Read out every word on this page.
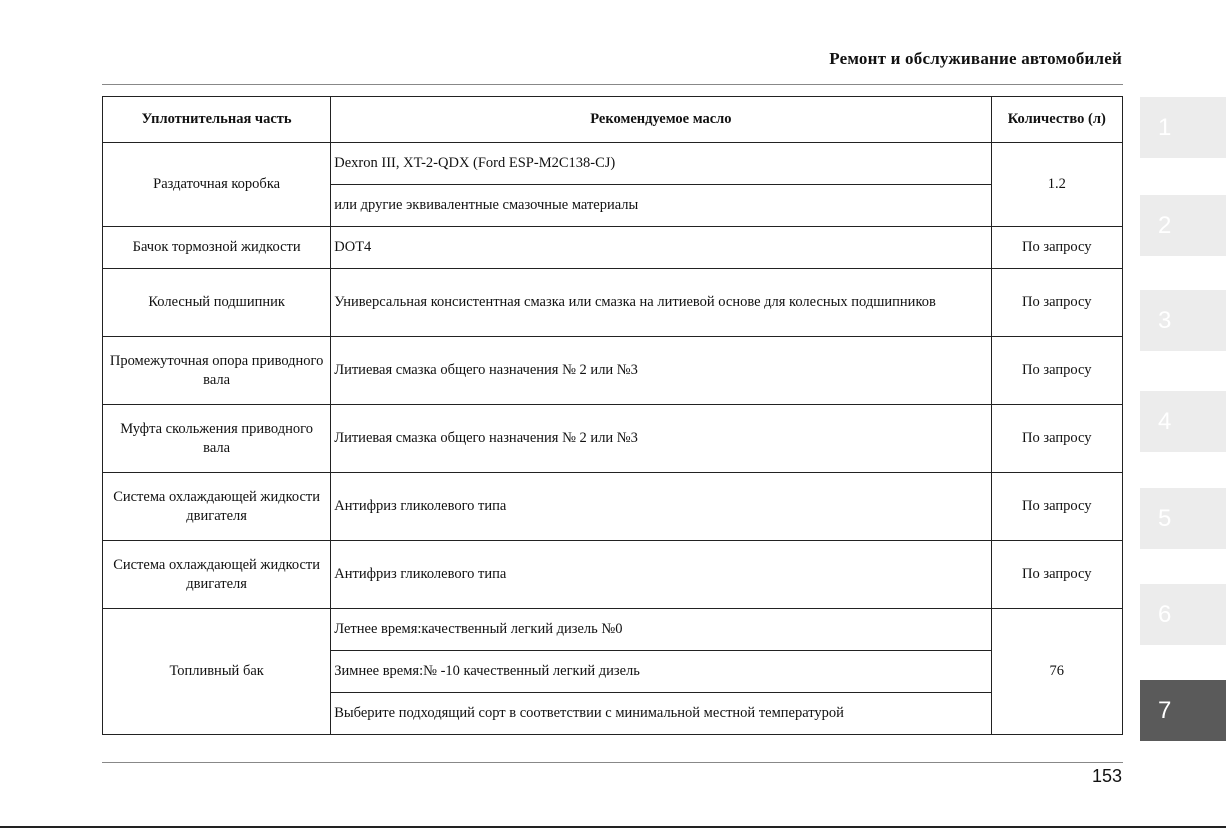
Ремонт и обслуживание автомобилей
Уплотнительная часть	Рекомендуемое масло	Количество (л)
Раздаточная коробка	Dexron III, XT-2-QDX (Ford ESP-M2C138-CJ)	1.2
	или другие эквивалентные смазочные материалы	
Бачок тормозной жидкости	DOT4	По запросу
Колесный подшипник	Универсальная консистентная смазка или смазка на литиевой основе для колесных подшипников	По запросу
Промежуточная опора приводного вала	Литиевая смазка общего назначения № 2 или №3	По запросу
Муфта скольжения приводного вала	Литиевая смазка общего назначения № 2 или №3	По запросу
Система охлаждающей жидкости двигателя	Антифриз гликолевого типа	По запросу
Система охлаждающей жидкости двигателя	Антифриз гликолевого типа	По запросу
Топливный бак	Летнее время:качественный легкий дизель №0	76
	Зимнее время:№ -10 качественный легкий дизель	
	Выберите подходящий сорт в соответствии с минимальной местной температурой	
153
1
2
3
4
5
6
7
